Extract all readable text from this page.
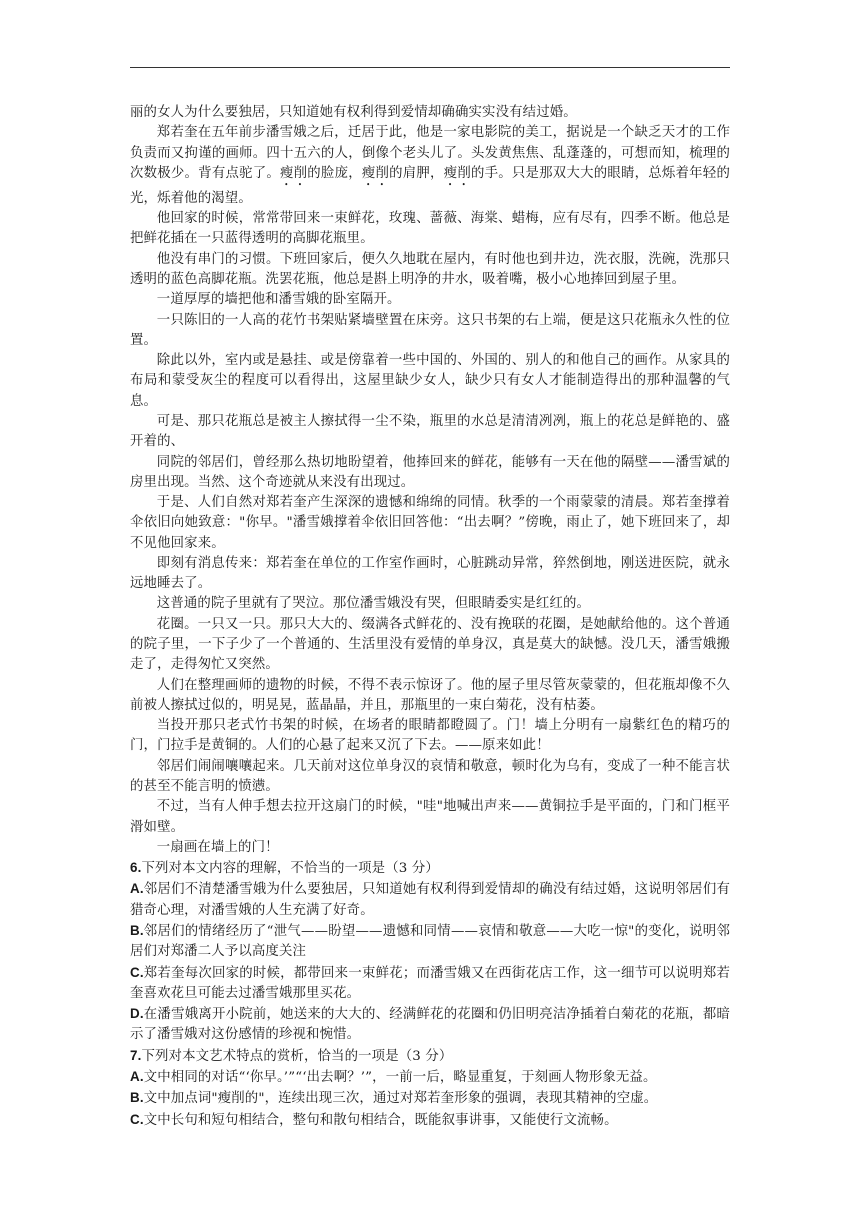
丽的女人为什么要独居，只知道她有权利得到爱情却确确实实没有结过婚。

郑若奎在五年前步潘雪娥之后，迁居于此，他是一家电影院的美工，据说是一个缺乏天才的工作负责而又拘谨的画师。四十五六的人，倒像个老头儿了。头发黄焦焦、乱蓬蓬的，可想而知，梳理的次数极少。背有点驼了。瘦削的脸庞，瘦削的肩胛，瘦削的手。只是那双大大的眼睛，总烁着年轻的光，烁着他的渴望。

他回家的时候，常常带回来一束鲜花，玫瑰、蔷薇、海棠、蜡梅，应有尽有，四季不断。他总是把鲜花插在一只蓝得透明的高脚花瓶里。

他没有串门的习惯。下班回家后，便久久地耽在屋内，有时他也到井边，洗衣服，洗碗，洗那只透明的蓝色高脚花瓶。洗罢花瓶，他总是斟上明净的井水，吸着嘴，极小心地捧回到屋子里。

一道厚厚的墙把他和潘雪娥的卧室隔开。

一只陈旧的一人高的花竹书架贴紧墙壁置在床旁。这只书架的右上端，便是这只花瓶永久性的位置。

除此以外，室内或是悬挂、或是傍靠着一些中国的、外国的、别人的和他自己的画作。从家具的布局和蒙受灰尘的程度可以看得出，这屋里缺少女人，缺少只有女人才能制造得出的那种温馨的气息。

可是、那只花瓶总是被主人擦拭得一尘不染，瓶里的水总是清清冽冽，瓶上的花总是鲜艳的、盛开着的、

同院的邻居们，曾经那么热切地盼望着，他捧回来的鲜花，能够有一天在他的隔壁——潘雪斌的房里出现。当然、这个奇迹就从来没有出现过。

于是、人们自然对郑若奎产生深深的遗憾和绵绵的同情。秋季的一个雨蒙蒙的清晨。郑若奎撑着伞依旧向她致意："你早。"潘雪娥撑着伞依旧回答他：“出去啊？”傍晚，雨止了，她下班回来了，却不见他回家来。

即刻有消息传来：郑若奎在单位的工作室作画时，心脏跳动异常，猝然倒地，刚送进医院，就永远地睡去了。

这普通的院子里就有了哭泣。那位潘雪娥没有哭，但眼睛委实是红红的。

花圈。一只又一只。那只大大的、缀满各式鲜花的、没有挽联的花圈，是她献给他的。这个普通的院子里，一下子少了一个普通的、生活里没有爱情的单身汉，真是莫大的缺憾。没几天，潘雪娥搬走了，走得匆忙又突然。

人们在整理画师的遗物的时候，不得不表示惊讶了。他的屋子里尽管灰蒙蒙的，但花瓶却像不久前被人擦拭过似的，明晃晃，蓝晶晶，并且，那瓶里的一束白菊花，没有枯萎。

当投开那只老式竹书架的时候，在场者的眼睛都瞪圆了。门！墙上分明有一扇紫红色的精巧的门，门拉手是黄铜的。人们的心悬了起来又沉了下去。——原来如此！

邻居们闹闹嚷嚷起来。几天前对这位单身汉的哀情和敬意，顿时化为乌有，变成了一种不能言状的甚至不能言明的愤懑。

不过，当有人伸手想去拉开这扇门的时候，"哇"地喊出声来——黄铜拉手是平面的，门和门框平滑如壁。

一扇画在墙上的门！

6.下列对本文内容的理解，不恰当的一项是（3 分）

A.邻居们不清楚潘雪娥为什么要独居，只知道她有权利得到爱情却的确没有结过婚，这说明邻居们有猎奇心理，对潘雪娥的人生充满了好奇。

B.邻居们的情绪经历了“泄气——盼望——遗憾和同情——哀情和敬意——大吃一惊"的变化，说明邻居们对郑潘二人予以高度关注

C.郑若奎每次回家的时候，都带回来一束鲜花；而潘雪娥又在西街花店工作，这一细节可以说明郑若奎喜欢花旦可能去过潘雪娥那里买花。

D.在潘雪娥离开小院前，她送来的大大的、经满鲜花的花圈和仍旧明亮洁净插着白菊花的花瓶，都暗示了潘雪娥对这份感情的珍视和惋惜。

7.下列对本文艺术特点的赏析，恰当的一项是（3 分）

A.文中相同的对话“‘你早。’”“‘出去啊？’”，一前一后，略显重复，于刻画人物形象无益。

B.文中加点词"瘦削的"，连续出现三次，通过对郑若奎形象的强调，表现其精神的空虚。

C.文中长句和短句相结合，整句和散句相结合，既能叙事讲事，又能使行文流畅。
